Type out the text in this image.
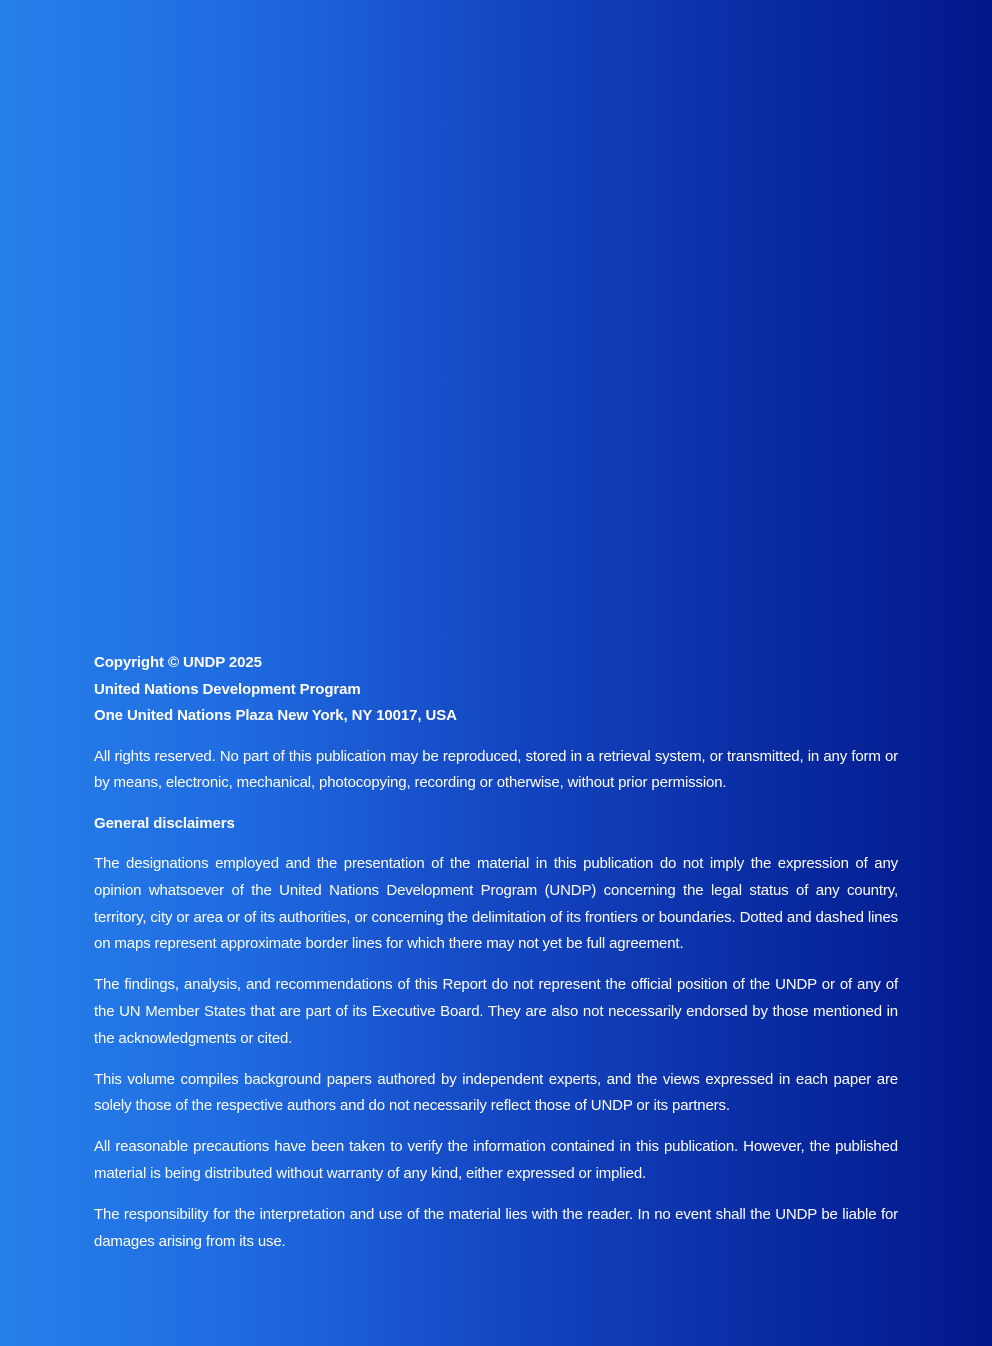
Copyright © UNDP 2025

United Nations Development Program

One United Nations Plaza New York, NY 10017, USA

All rights reserved. No part of this publication may be reproduced, stored in a retrieval system, or transmitted, in any form or by means, electronic, mechanical, photocopying, recording or otherwise, without prior permission.

General disclaimers

The designations employed and the presentation of the material in this publication do not imply the expression of any opinion whatsoever of the United Nations Development Program (UNDP) concerning the legal status of any country, territory, city or area or of its authorities, or concerning the delimitation of its frontiers or boundaries. Dotted and dashed lines on maps represent approximate border lines for which there may not yet be full agreement.

The findings, analysis, and recommendations of this Report do not represent the official position of the UNDP or of any of the UN Member States that are part of its Executive Board. They are also not necessarily endorsed by those mentioned in the acknowledgments or cited.

This volume compiles background papers authored by independent experts, and the views expressed in each paper are solely those of the respective authors and do not necessarily reflect those of UNDP or its partners.

All reasonable precautions have been taken to verify the information contained in this publication. However, the published material is being distributed without warranty of any kind, either expressed or implied.

The responsibility for the interpretation and use of the material lies with the reader. In no event shall the UNDP be liable for damages arising from its use.
